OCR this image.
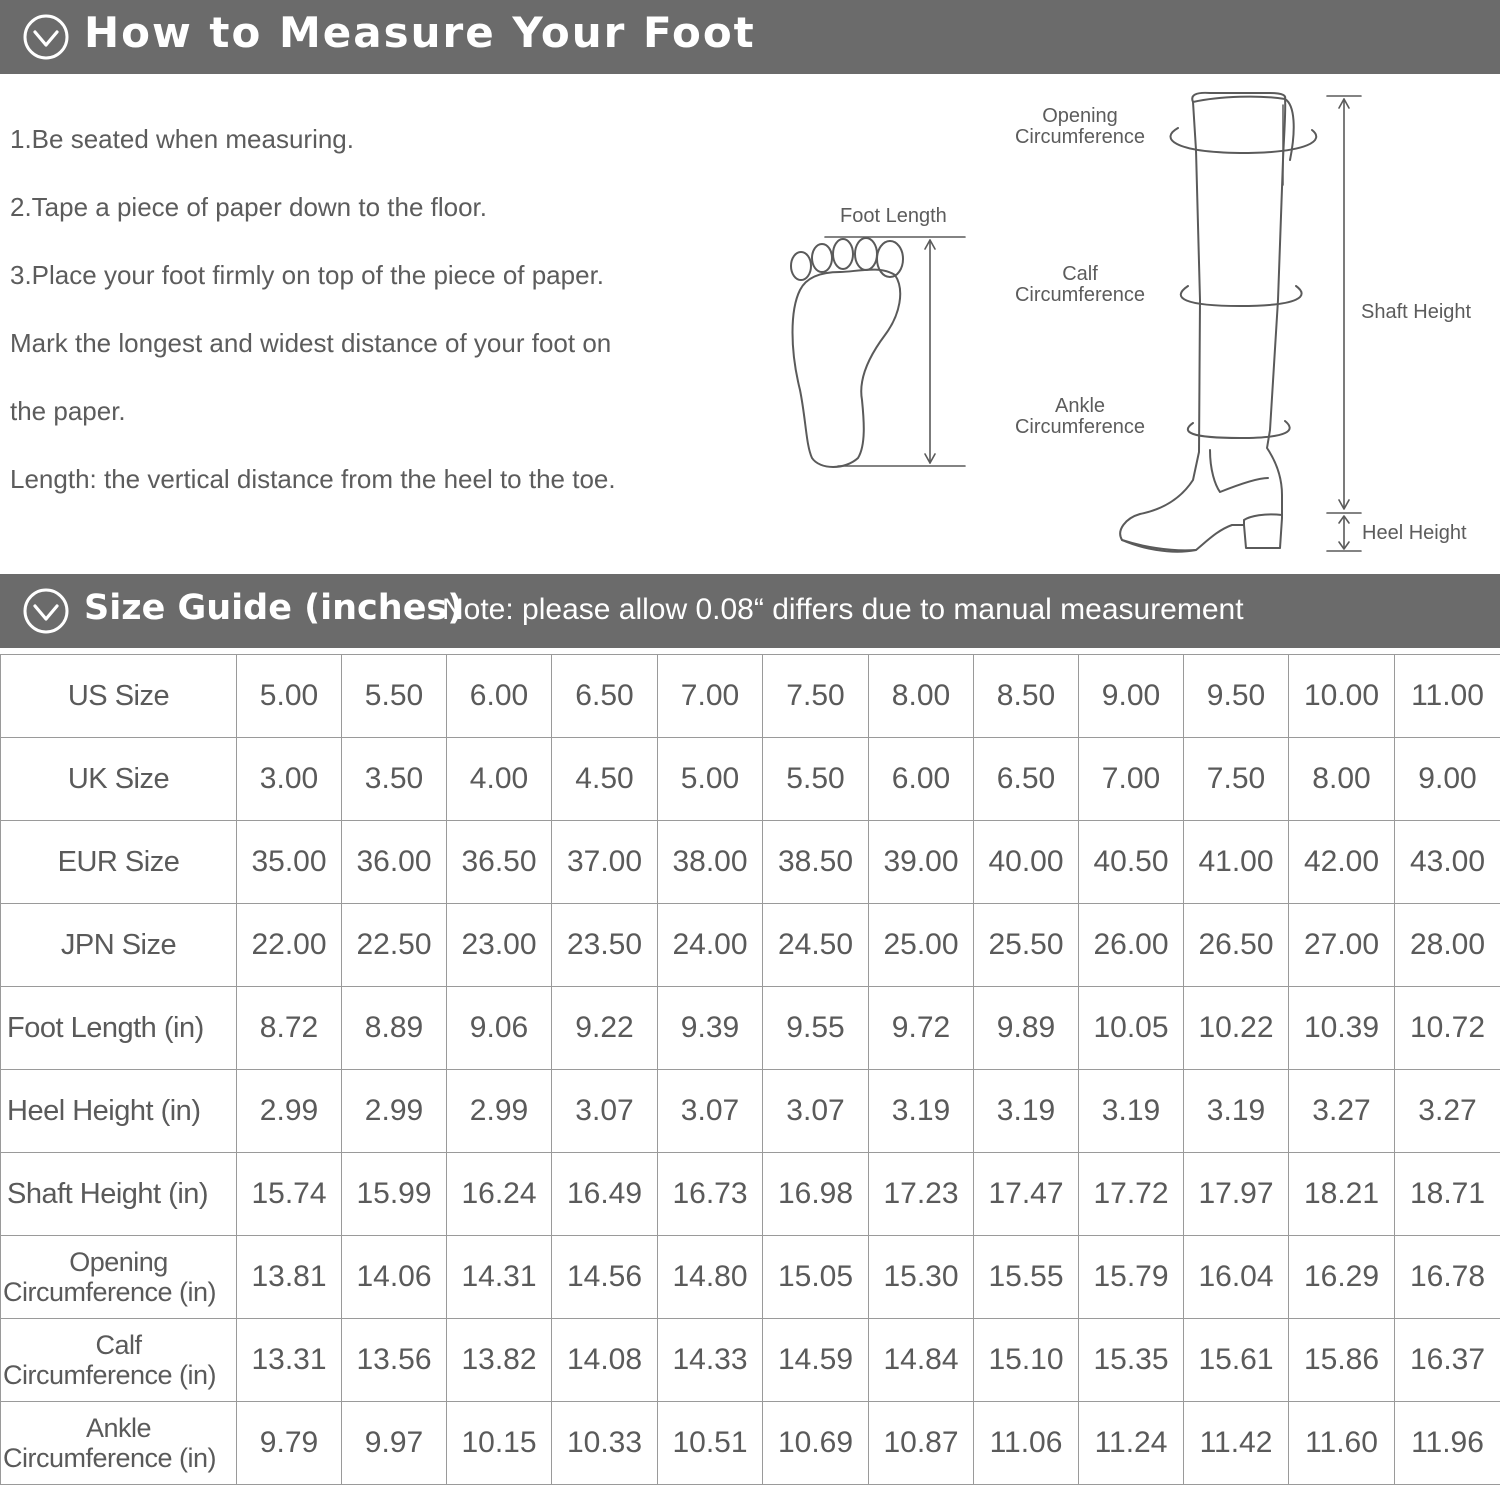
How to Measure Your Foot
1.Be seated when measuring.
2.Tape a piece of paper down to the floor.
3.Place your foot firmly on top of the piece of paper.
Mark the longest and widest distance of your foot on
the paper.
Length: the vertical distance from the heel to the toe.
Foot Length
Opening
Circumference
Calf
Circumference
Ankle
Circumference
Shaft Height
Heel Height
Size Guide (inches)
Note: please allow 0.08“ differs due to manual measurement
US Size	5.00	5.50	6.00	6.50	7.00	7.50	8.00	8.50	9.00	9.50	10.00	11.00
UK Size	3.00	3.50	4.00	4.50	5.00	5.50	6.00	6.50	7.00	7.50	8.00	9.00
EUR Size	35.00	36.00	36.50	37.00	38.00	38.50	39.00	40.00	40.50	41.00	42.00	43.00
JPN Size	22.00	22.50	23.00	23.50	24.00	24.50	25.00	25.50	26.00	26.50	27.00	28.00
Foot Length (in)	8.72	8.89	9.06	9.22	9.39	9.55	9.72	9.89	10.05	10.22	10.39	10.72
Heel Height (in)	2.99	2.99	2.99	3.07	3.07	3.07	3.19	3.19	3.19	3.19	3.27	3.27
Shaft Height (in)	15.74	15.99	16.24	16.49	16.73	16.98	17.23	17.47	17.72	17.97	18.21	18.71

Opening
Circumference (in)	13.81	14.06	14.31	14.56	14.80	15.05	15.30	15.55	15.79	16.04	16.29	16.78

Calf
Circumference (in)	13.31	13.56	13.82	14.08	14.33	14.59	14.84	15.10	15.35	15.61	15.86	16.37

Ankle
Circumference (in)	9.79	9.97	10.15	10.33	10.51	10.69	10.87	11.06	11.24	11.42	11.60	11.96
